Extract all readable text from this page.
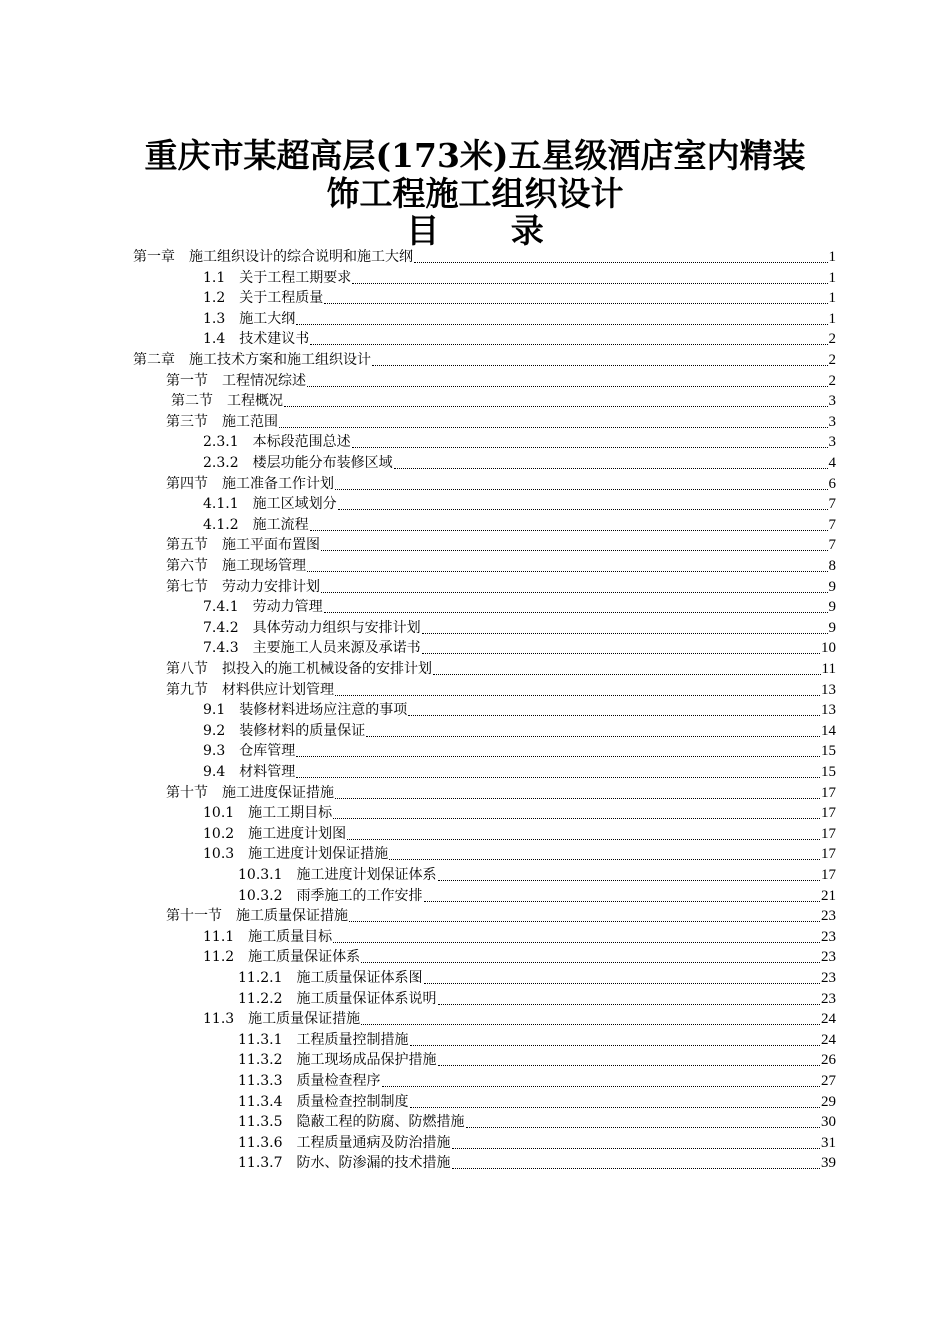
重庆市某超高层(173米)五星级酒店室内精装
饰工程施工组织设计
目 录
第一章　施工组织设计的综合说明和施工大纲	1
1.1　关于工程工期要求	1
1.2　关于工程质量	1
1.3　施工大纲	1
1.4　技术建议书	2
第二章　施工技术方案和施工组织设计	2
第一节　工程情况综述	2
第二节　工程概况	3
第三节　施工范围	3
2.3.1　本标段范围总述	3
2.3.2　楼层功能分布装修区域	4
第四节　施工准备工作计划	6
4.1.1　施工区域划分	7
4.1.2　施工流程	7
第五节　施工平面布置图	7
第六节　施工现场管理	8
第七节　劳动力安排计划	9
7.4.1　劳动力管理	9
7.4.2　具体劳动力组织与安排计划	9
7.4.3　主要施工人员来源及承诺书	10
第八节　拟投入的施工机械设备的安排计划	11
第九节　材料供应计划管理	13
9.1　装修材料进场应注意的事项	13
9.2　装修材料的质量保证	14
9.3　仓库管理	15
9.4　材料管理	15
第十节　施工进度保证措施	17
10.1　施工工期目标	17
10.2　施工进度计划图	17
10.3　施工进度计划保证措施	17
10.3.1　施工进度计划保证体系	17
10.3.2　雨季施工的工作安排	21
第十一节　施工质量保证措施	23
11.1　施工质量目标	23
11.2　施工质量保证体系	23
11.2.1　施工质量保证体系图	23
11.2.2　施工质量保证体系说明	23
11.3　施工质量保证措施	24
11.3.1　工程质量控制措施	24
11.3.2　施工现场成品保护措施	26
11.3.3　质量检查程序	27
11.3.4　质量检查控制制度	29
11.3.5　隐蔽工程的防腐、防燃措施	30
11.3.6　工程质量通病及防治措施	31
11.3.7　防水、防渗漏的技术措施	39
